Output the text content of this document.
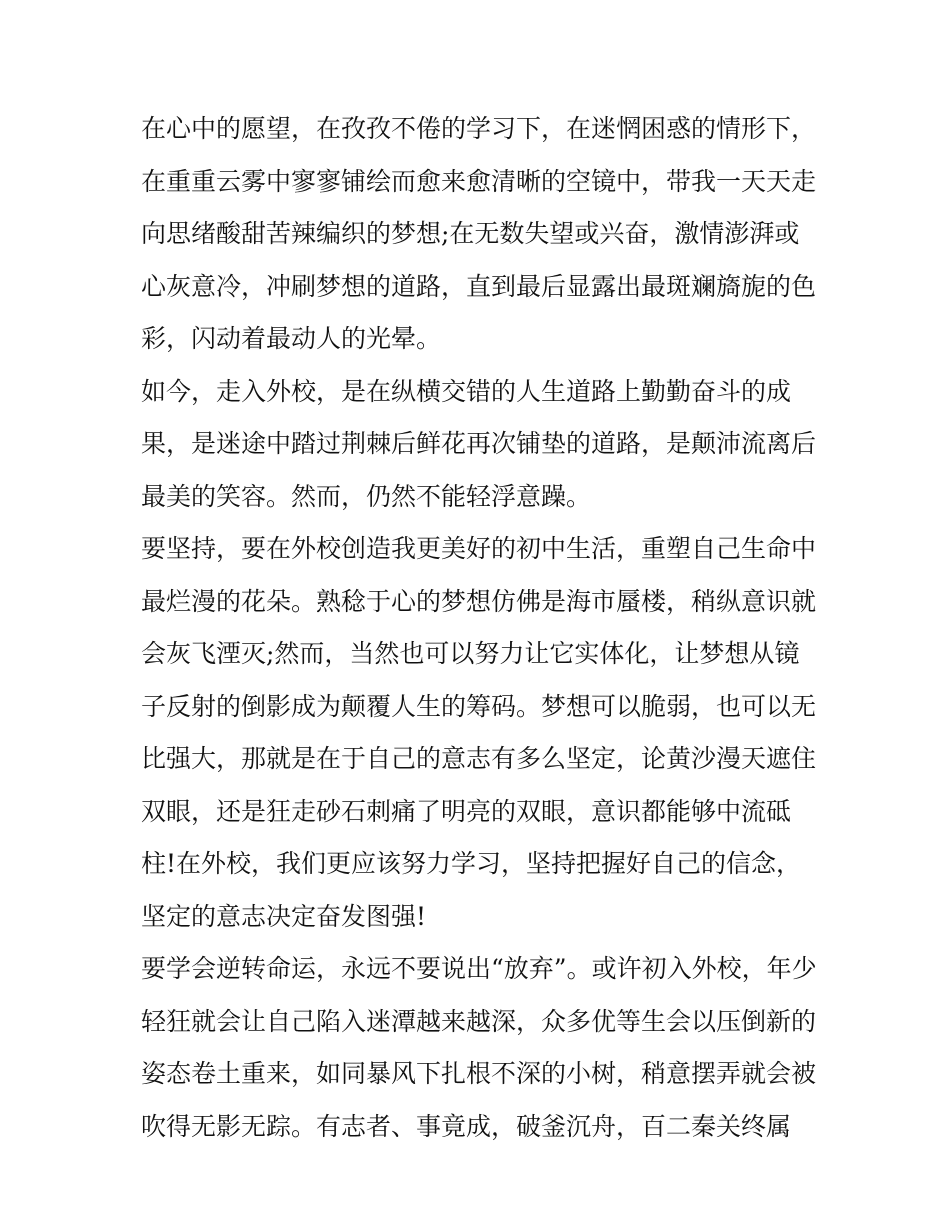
在心中的愿望，在孜孜不倦的学习下，在迷惘困惑的情形下，
在重重云雾中寥寥铺绘而愈来愈清晰的空镜中，带我一天天走
向思绪酸甜苦辣编织的梦想;在无数失望或兴奋，激情澎湃或
心灰意冷，冲刷梦想的道路，直到最后显露出最斑斓旖旎的色
彩，闪动着最动人的光晕。
如今，走入外校，是在纵横交错的人生道路上勤勤奋斗的成
果，是迷途中踏过荆棘后鲜花再次铺垫的道路，是颠沛流离后
最美的笑容。然而，仍然不能轻浮意躁。
要坚持，要在外校创造我更美好的初中生活，重塑自己生命中
最烂漫的花朵。熟稔于心的梦想仿佛是海市蜃楼，稍纵意识就
会灰飞湮灭;然而，当然也可以努力让它实体化，让梦想从镜
子反射的倒影成为颠覆人生的筹码。梦想可以脆弱，也可以无
比强大，那就是在于自己的意志有多么坚定，论黄沙漫天遮住
双眼，还是狂走砂石刺痛了明亮的双眼，意识都能够中流砥
柱!在外校，我们更应该努力学习，坚持把握好自己的信念，
坚定的意志决定奋发图强!
要学会逆转命运，永远不要说出“放弃”。或许初入外校，年少
轻狂就会让自己陷入迷潭越来越深，众多优等生会以压倒新的
姿态卷土重来，如同暴风下扎根不深的小树，稍意摆弄就会被
吹得无影无踪。有志者、事竟成，破釜沉舟，百二秦关终属
